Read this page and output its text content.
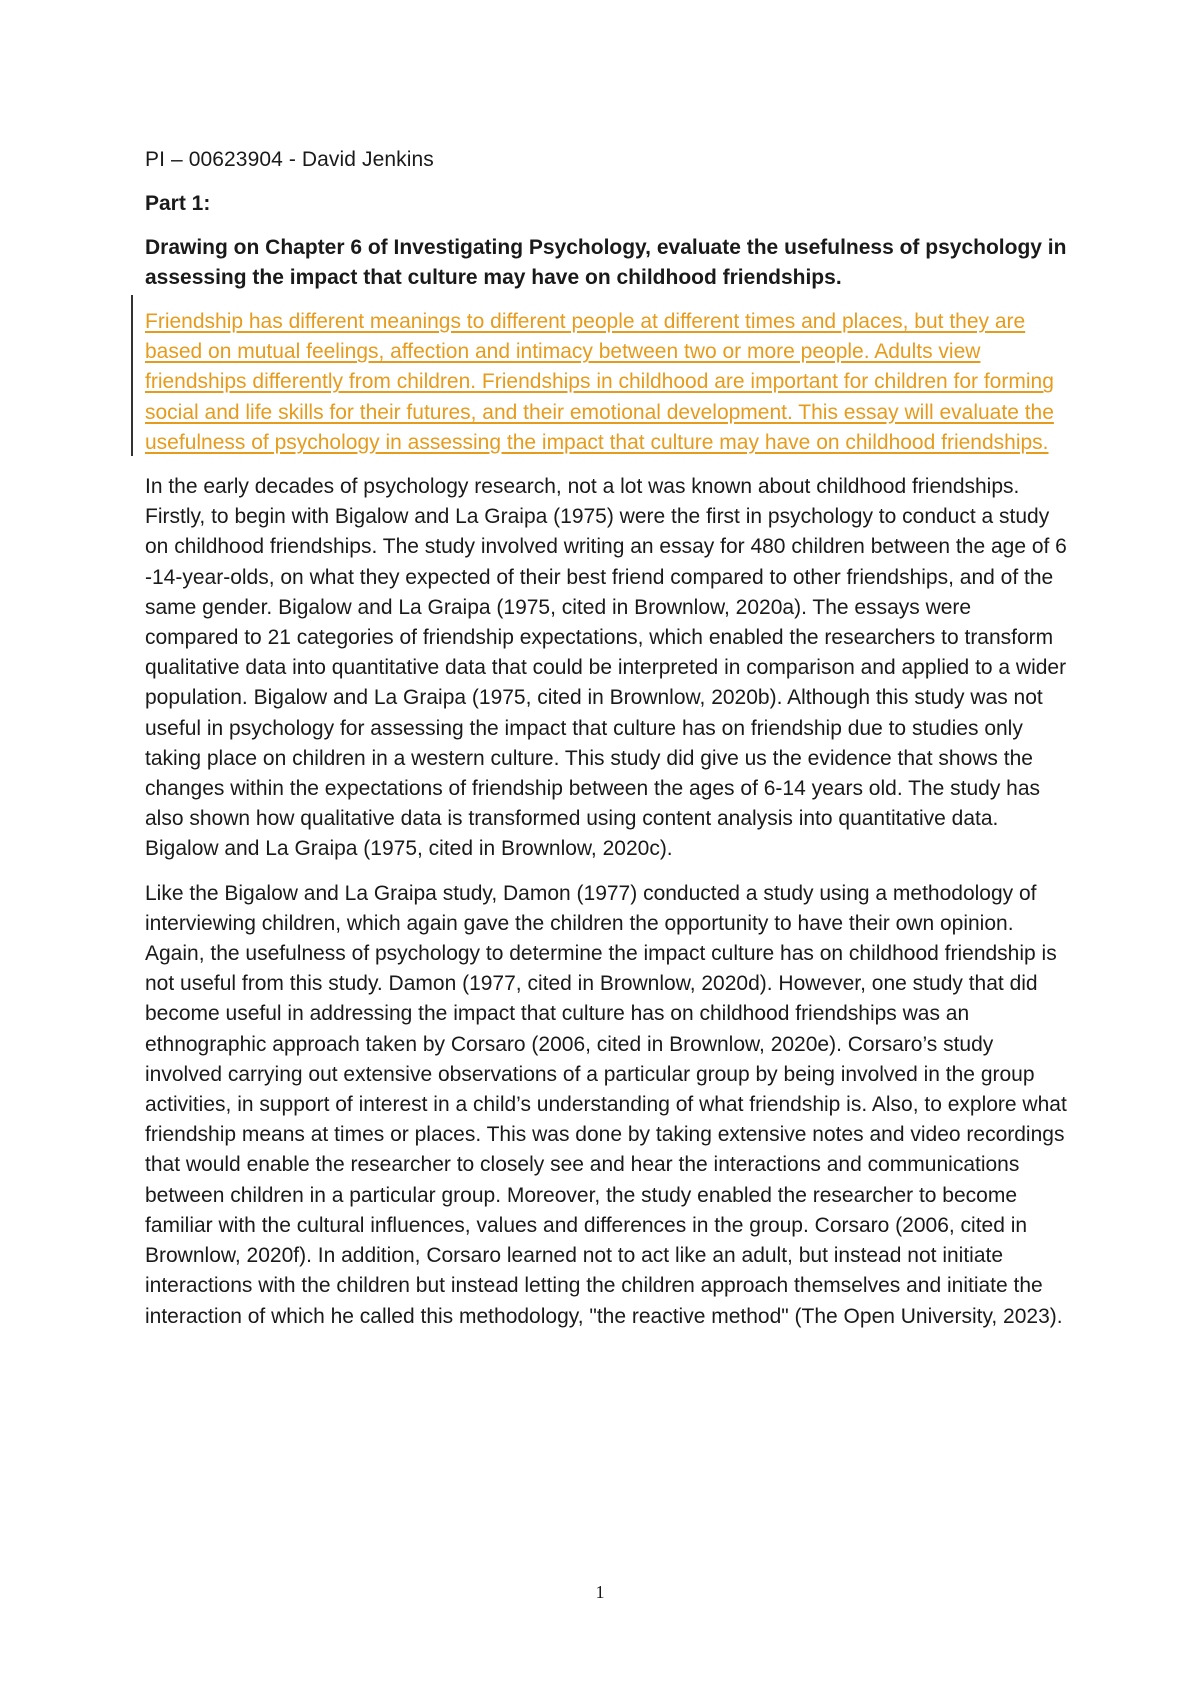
PI – 00623904 - David Jenkins

Part 1:

Drawing on Chapter 6 of Investigating Psychology, evaluate the usefulness of psychology in assessing the impact that culture may have on childhood friendships.

Friendship has different meanings to different people at different times and places, but they are based on mutual feelings, affection and intimacy between two or more people. Adults view friendships differently from children. Friendships in childhood are important for children for forming social and life skills for their futures, and their emotional development. This essay will evaluate the usefulness of psychology in assessing the impact that culture may have on childhood friendships.

In the early decades of psychology research, not a lot was known about childhood friendships. Firstly, to begin with Bigalow and La Graipa (1975) were the first in psychology to conduct a study on childhood friendships. The study involved writing an essay for 480 children between the age of 6 -14-year-olds, on what they expected of their best friend compared to other friendships, and of the same gender. Bigalow and La Graipa (1975, cited in Brownlow, 2020a). The essays were compared to 21 categories of friendship expectations, which enabled the researchers to transform qualitative data into quantitative data that could be interpreted in comparison and applied to a wider population. Bigalow and La Graipa (1975, cited in Brownlow, 2020b). Although this study was not useful in psychology for assessing the impact that culture has on friendship due to studies only taking place on children in a western culture. This study did give us the evidence that shows the changes within the expectations of friendship between the ages of 6-14 years old. The study has also shown how qualitative data is transformed using content analysis into quantitative data. Bigalow and La Graipa (1975, cited in Brownlow, 2020c).

Like the Bigalow and La Graipa study, Damon (1977) conducted a study using a methodology of interviewing children, which again gave the children the opportunity to have their own opinion. Again, the usefulness of psychology to determine the impact culture has on childhood friendship is not useful from this study. Damon (1977, cited in Brownlow, 2020d). However, one study that did become useful in addressing the impact that culture has on childhood friendships was an ethnographic approach taken by Corsaro (2006, cited in Brownlow, 2020e). Corsaro’s study involved carrying out extensive observations of a particular group by being involved in the group activities, in support of interest in a child’s understanding of what friendship is. Also, to explore what friendship means at times or places. This was done by taking extensive notes and video recordings that would enable the researcher to closely see and hear the interactions and communications between children in a particular group. Moreover, the study enabled the researcher to become familiar with the cultural influences, values and differences in the group. Corsaro (2006, cited in Brownlow, 2020f). In addition, Corsaro learned not to act like an adult, but instead not initiate interactions with the children but instead letting the children approach themselves and initiate the interaction of which he called this methodology, "the reactive method" (The Open University, 2023).

1
